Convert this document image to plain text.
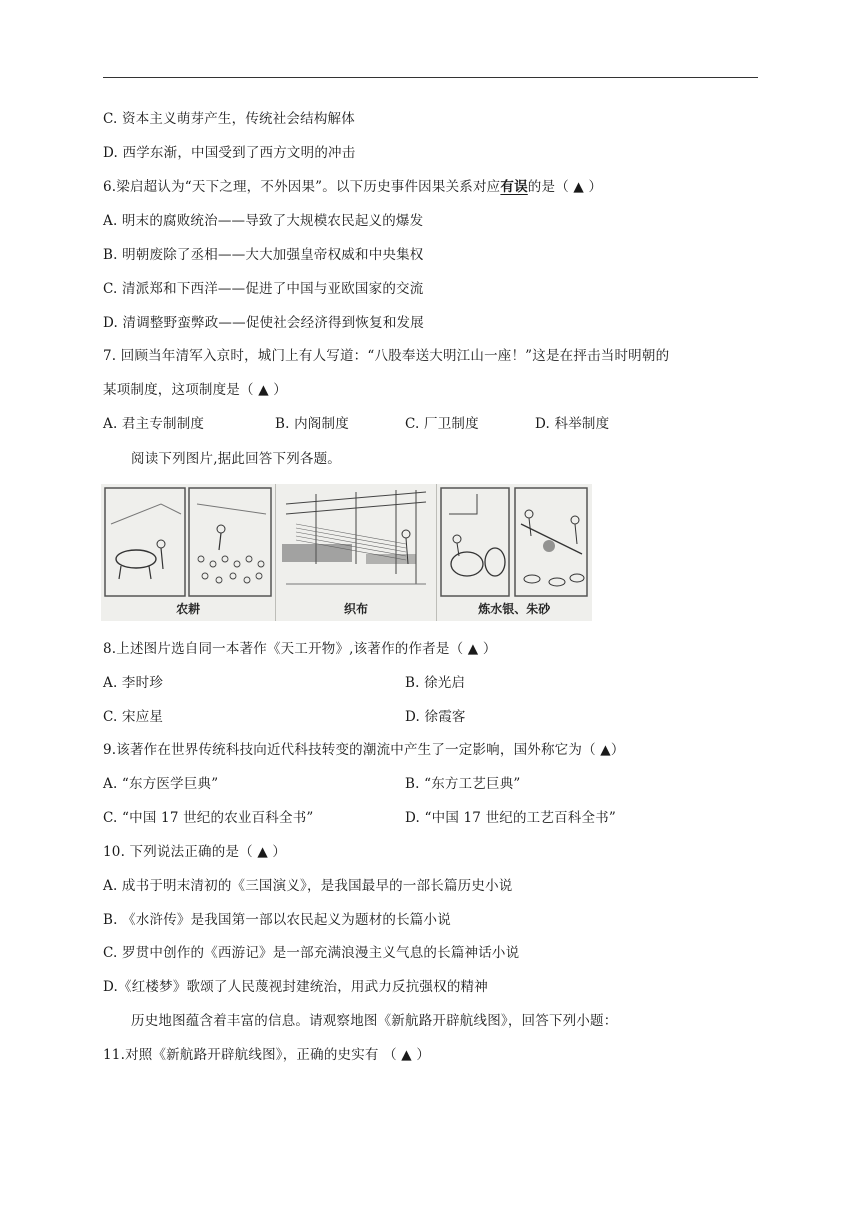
C. 资本主义萌芽产生，传统社会结构解体
D. 西学东渐，中国受到了西方文明的冲击
6.梁启超认为“天下之理，不外因果”。以下历史事件因果关系对应有误的是（ ▲ ）
A. 明末的腐败统治——导致了大规模农民起义的爆发
B. 明朝废除了丞相——大大加强皇帝权威和中央集权
C. 清派郑和下西洋——促进了中国与亚欧国家的交流
D. 清调整野蛮弊政——促使社会经济得到恢复和发展
7. 回顾当年清军入京时，城门上有人写道：“八股奉送大明江山一座！”这是在抨击当时明朝的
某项制度，这项制度是（ ▲ ）
A. 君主专制制度	B. 内阁制度	C. 厂卫制度	D. 科举制度
阅读下列图片,据此回答下列各题。
农耕	织布	炼水银、朱砂
8.上述图片选自同一本著作《天工开物》,该著作的作者是（ ▲ ）
A. 李时珍	B. 徐光启
C. 宋应星	D. 徐霞客
9.该著作在世界传统科技向近代科技转变的潮流中产生了一定影响，国外称它为（ ▲）
A. “东方医学巨典”	B. “东方工艺巨典”
C. “中国 17 世纪的农业百科全书”	D. “中国 17 世纪的工艺百科全书”
10. 下列说法正确的是（ ▲ ）
A. 成书于明末清初的《三国演义》，是我国最早的一部长篇历史小说
B. 《水浒传》是我国第一部以农民起义为题材的长篇小说
C. 罗贯中创作的《西游记》是一部充满浪漫主义气息的长篇神话小说
D.《红楼梦》歌颂了人民蔑视封建统治，用武力反抗强权的精神
历史地图蕴含着丰富的信息。请观察地图《新航路开辟航线图》，回答下列小题：
11.对照《新航路开辟航线图》，正确的史实有 （ ▲ ）
